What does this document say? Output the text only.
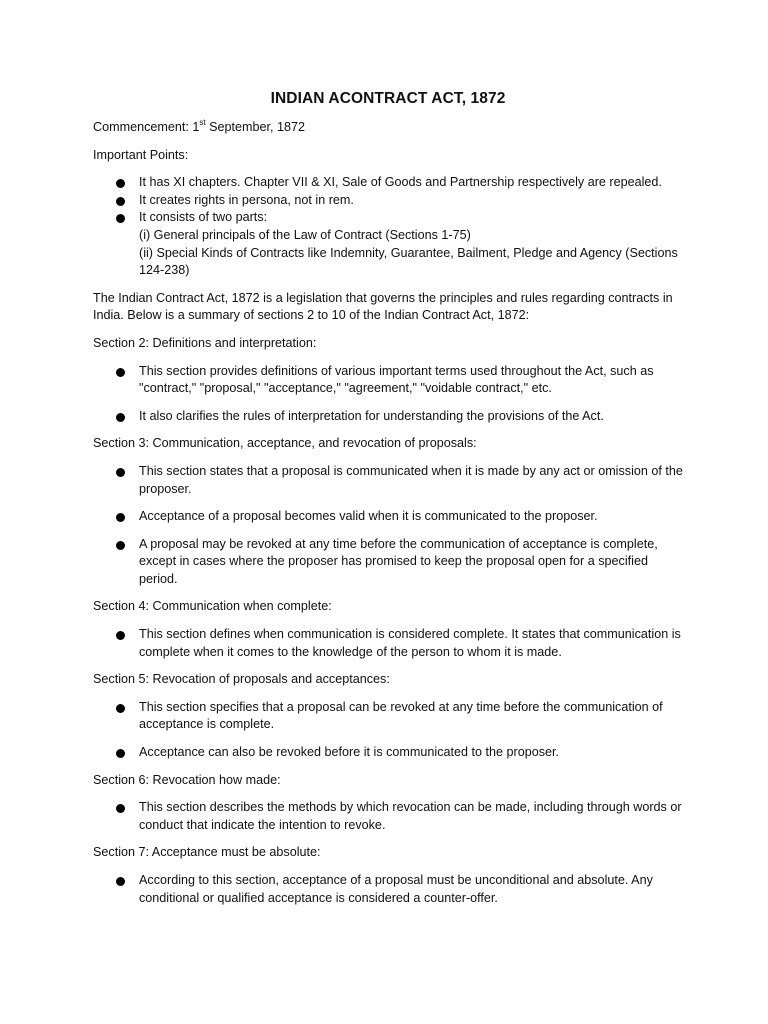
INDIAN ACONTRACT ACT, 1872

Commencement: 1st September, 1872

Important Points:

It has XI chapters. Chapter VII & XI, Sale of Goods and Partnership respectively are repealed.
It creates rights in persona, not in rem.
It consists of two parts:
(i) General principals of the Law of Contract (Sections 1-75)
(ii) Special Kinds of Contracts like Indemnity, Guarantee, Bailment, Pledge and Agency (Sections 124-238)

The Indian Contract Act, 1872 is a legislation that governs the principles and rules regarding contracts in India. Below is a summary of sections 2 to 10 of the Indian Contract Act, 1872:

Section 2: Definitions and interpretation:

This section provides definitions of various important terms used throughout the Act, such as "contract," "proposal," "acceptance," "agreement," "voidable contract," etc.
It also clarifies the rules of interpretation for understanding the provisions of the Act.

Section 3: Communication, acceptance, and revocation of proposals:

This section states that a proposal is communicated when it is made by any act or omission of the proposer.
Acceptance of a proposal becomes valid when it is communicated to the proposer.
A proposal may be revoked at any time before the communication of acceptance is complete, except in cases where the proposer has promised to keep the proposal open for a specified period.

Section 4: Communication when complete:

This section defines when communication is considered complete. It states that communication is complete when it comes to the knowledge of the person to whom it is made.

Section 5: Revocation of proposals and acceptances:

This section specifies that a proposal can be revoked at any time before the communication of acceptance is complete.
Acceptance can also be revoked before it is communicated to the proposer.

Section 6: Revocation how made:

This section describes the methods by which revocation can be made, including through words or conduct that indicate the intention to revoke.

Section 7: Acceptance must be absolute:

According to this section, acceptance of a proposal must be unconditional and absolute. Any conditional or qualified acceptance is considered a counter-offer.
